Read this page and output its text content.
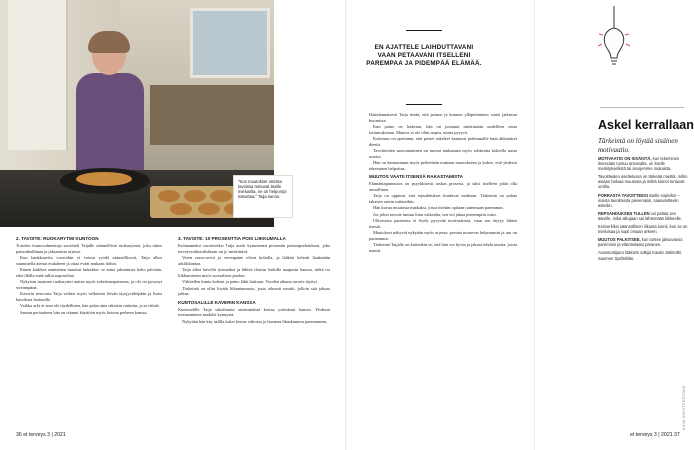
"Kun muutokset omissa tavoissa tuntuvat itselle mielusilta, ne on helpompi toteuttaa," Taija sanoo.
2. TAVOITE: RUOKARYTMI KUNTOON

Toiseksi kuntovalmentaja suositteli Taijalle säännöllistä ruokarytmiä, joka tukee painonhallintaa ja jaksamista arjessa.

Kun hankkaaviin vuoroihin ei voinut syödä säännöllisesti, Taija alkoi suunnitella ateriat etukäteen ja ottaa eväät mukaan töihin.

Ennen kaikkea aamiainen muuttui tärkeäksi: se antoi jaksamista koko päivään, eikä illalla enää tullut napostelua.

Nykyisin tasainen ruokarytmi auttaa myös sokeritasapainoon, ja olo on pysynyt vireämpänä.

Kaverin neuvosta Taija vaihtoi myös valkoisen leivän täysjyväleipään ja lisäsi kasviksia lautaselle.

Vaikka arki ei aina ole täydellinen, hän palaa aina takaisin rutiiniin, ja se riittää.

Saman periaatteen hän on ottanut käyttöön myös kotona perheen kanssa.

3. TAVOITE: 10 PROSENTTIA POIS LIIKKUMALLA

Kolmanneksi tavoitteeksi Taija asetti kymmenen prosentin painonpudotuksen, joka terveysvaikutuksiltaan on jo merkittävä.

Veren rasva-arvot ja verenpaine olivat koholla, ja lääkäri kehotti lisäämään arkiliikuntaa.

Taija alkoi kävellä työmatkat ja lähteä iltaisin lenkille naapurin kanssa, mikä toi liikkumiseen myös sosiaalisen puolen.

Vähitellen kunto koheni ja paino lähti laskuun. Vuoden aikana tavoite täyttyi.

Tärkeintä on ollut löytää liikuntamuoto, josta oikeasti nauttii, jolloin sitä jaksaa jatkaa.

KUNTOSALILLE KAVERIN KANSSA

Kuntosalille Taija uskaltautui ensimmäistä kertaa ystävänsä kanssa. Yhdessä treenaaminen madalsi kynnystä.

Nykyään hän käy salilla kaksi kertaa viikossa ja huomaa lihaskunnon parantuneen.

36 et terveys 3 | 2021
EN AJATTELE LAIHDUTTAVANI VAAN PETAAVANI ITSELLENI PAREMPAA JA PIDEMPÄÄ ELÄMÄÄ.

Ikäsidonnaisesti Taija tietää, että painon ja kunnon ylläpitäminen vaatii jatkuvaa huomiota.

Kun paino on laskenut, hän on joutunut miettimään uudelleen omia tottumuksiaan. Muutos ei ole ollut nopea, mutta pysyvä.

Kokemus on opettanut, että pienet askeleet kantavat pidemmälle kuin äkkinäiset dieetit.

Tavoitteiden saavuttaminen on tuonut mukanaan myös rohkeutta kokeilla uusia asioita.

Hän on kannustanut myös perhettään mukaan muutokseen ja kokee, että yhdessä tekeminen helpottaa.

MUUTOS VAATII ITSENSÄ RAKASTAMISTA

Elämäntapamuutos on psyykkisesti raskas prosessi, ja siksi itselleen pitää olla armollinen.

Taija on oppinut, että repsahdukset kuuluvat matkaan. Tärkeintä on palata takaisin omiin rutiineihin.

Hän kuvaa muutosta matkaksi, jossa itseään opitaan tuntemaan paremmin.

Jos jokin tavoite tuntuu liian vaikealta, sen voi jakaa pienempiin osiin.

Ulkoisesta paineesta ei löydy pysyvää motivaatiota, vaan sen täytyy lähteä itsestä.

Muutokset näkyvät nykyään myös arjessa: portaat nousevat helpommin ja uni on parantunut.

Tärkeintä Taijalle on kuitenkin se, että hän voi hyvin ja jaksaa tehdä asioita, joista nauttii.

Askel kerrallaan
Tärkeintä on löytää sisäinen motivaatio.

MOTIVAATIO ON SISÄISTÄ, kun tekeminen itsessään tuntuu antoisalta, on itselle merkityksellistä tai arvojemme mukaista.

Tavoitteiden asettelussa on tärkeää miettiä, mihin asiaan haluaa muutosta ja mitkä keinot tuntuvat omilta.

PORRASTA TAVOITTEESI itselle sopiviksi – isoista tavoitteista pienempiin, saavutettaviin askeliin.

REPSAHDUKSEN TULLEN voi palata sen äärelle, mikä alkujaan sai lähtemään liikkeelle.

Esimerkiksi säännöllinen liikunta toimii, kun se on mieluisaa ja sopii omaan arkeen.

MUUTOS PALKITSEE, kun tuntee jaksavansa paremmin ja elämänlaatu paranee.

Asiantuntijana lääkärin tutkija Kauko Jokimäki, Suomen Sydänliitto.

KUVA SHUTTERSTOCK
et terveys 3 | 2021 37
